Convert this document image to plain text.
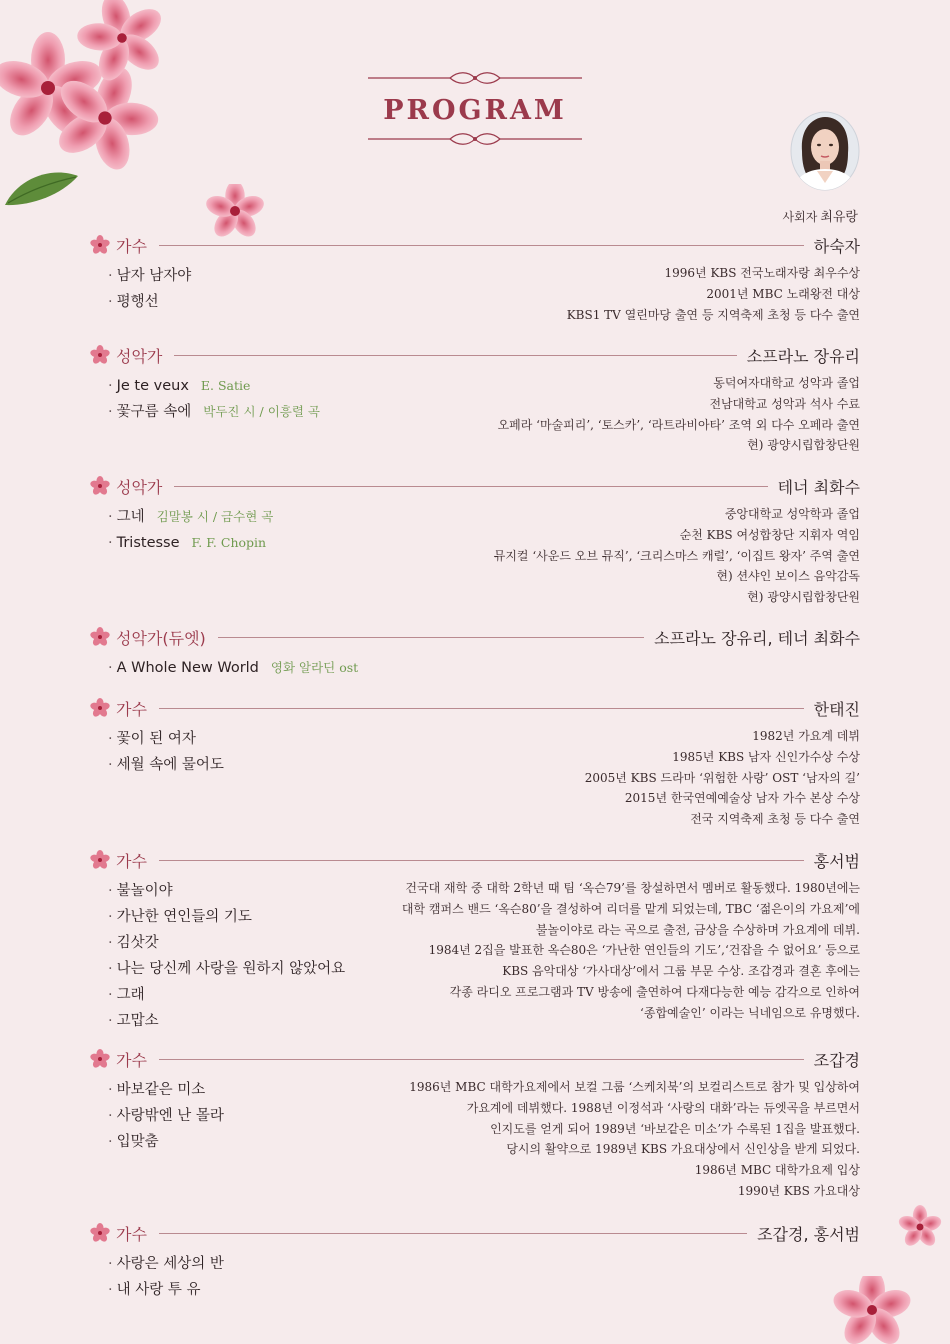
PROGRAM
사회자 최유랑
가수	하숙자
· 남자 남자야
· 평행선
1996년 KBS 전국노래자랑 최우수상
2001년 MBC 노래왕전 대상
KBS1 TV 열린마당 출연 등 지역축제 초청 등 다수 출연
성악가	소프라노 장유리
· Je te veux E. Satie
· 꽃구름 속에 박두진 시 / 이흥렬 곡
동덕여자대학교 성악과 졸업
전남대학교 성악과 석사 수료
오페라 ‘마술피리’, ‘토스카’, ‘라트라비아타’ 조역 외 다수 오페라 출연
현) 광양시립합창단원
성악가	테너 최화수
· 그네 김말봉 시 / 금수현 곡
· Tristesse F. F. Chopin
중앙대학교 성악학과 졸업
순천 KBS 여성합창단 지휘자 역임
뮤지컬 ‘사운드 오브 뮤직’, ‘크리스마스 캐럴’, ‘이집트 왕자’ 주역 출연
현) 션샤인 보이스 음악감독
현) 광양시립합창단원
성악가(듀엣)	소프라노 장유리, 테너 최화수
· A Whole New World 영화 알라딘 ost
가수	한태진
· 꽃이 된 여자
· 세월 속에 물어도
1982년 가요계 데뷔
1985년 KBS 남자 신인가수상 수상
2005년 KBS 드라마 ‘위험한 사랑’ OST ‘남자의 길’
2015년 한국연예예술상 남자 가수 본상 수상
전국 지역축제 초청 등 다수 출연
가수	홍서범
· 불놀이야
· 가난한 연인들의 기도
· 김삿갓
· 나는 당신께 사랑을 원하지 않았어요
· 그래
· 고맙소
건국대 재학 중 대학 2학년 때 팀 ‘옥슨79’를 창설하면서 멤버로 활동했다. 1980년에는
대학 캠퍼스 밴드 ‘옥슨80’을 결성하여 리더를 맡게 되었는데, TBC ‘젊은이의 가요제’에
불놀이야로 라는 곡으로 출전, 금상을 수상하며 가요계에 데뷔.
1984년 2집을 발표한 옥슨80은 ‘가난한 연인들의 기도’,‘건잡을 수 없어요’ 등으로
KBS 음악대상 ‘가사대상’에서 그룹 부문 수상. 조갑경과 결혼 후에는
각종 라디오 프로그램과 TV 방송에 출연하여 다재다능한 예능 감각으로 인하여
‘종합예술인’ 이라는 닉네임으로 유명했다.
가수	조갑경
· 바보같은 미소
· 사랑밖엔 난 몰라
· 입맞춤
1986년 MBC 대학가요제에서 보컬 그룹 ‘스케치북’의 보컬리스트로 참가 및 입상하여
가요계에 데뷔했다. 1988년 이정석과 ‘사랑의 대화’라는 듀엣곡을 부르면서
인지도를 얻게 되어 1989년 ‘바보같은 미소’가 수록된 1집을 발표했다.
당시의 활약으로 1989년 KBS 가요대상에서 신인상을 받게 되었다.
1986년 MBC 대학가요제 입상
1990년 KBS 가요대상
가수	조갑경, 홍서범
· 사랑은 세상의 반
· 내 사랑 투 유
